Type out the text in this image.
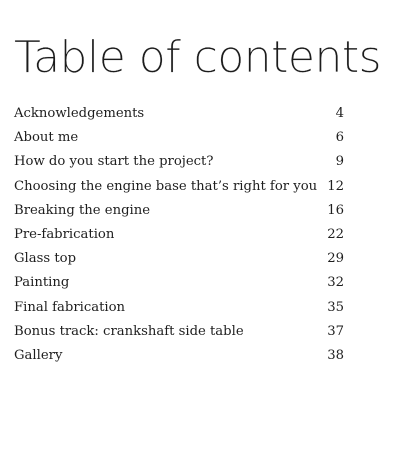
Table of contents
Acknowledgements	4
About me	6
How do you start the project?	9
Choosing the engine base that’s right for you 12
Breaking the engine	16
Pre-fabrication	22
Glass top	29
Painting	32
Final fabrication	35
Bonus track: crankshaft side table	37
Gallery	38
